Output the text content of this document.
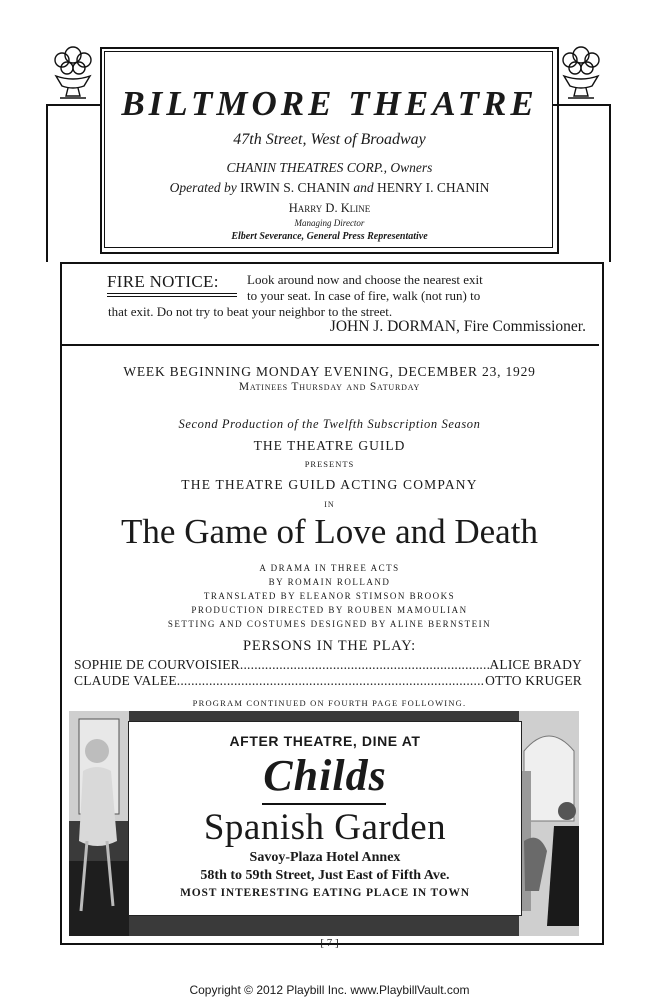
BILTMORE THEATRE
47th Street, West of Broadway
CHANIN THEATRES CORP., Owners
Operated by IRWIN S. CHANIN and HENRY I. CHANIN
Harry D. Kline
Managing Director
Elbert Severance, General Press Representative
FIRE NOTICE: Look around now and choose the nearest exit
to your seat. In case of fire, walk (not run) to
that exit. Do not try to beat your neighbor to the street.
JOHN J. DORMAN, Fire Commissioner.
WEEK BEGINNING MONDAY EVENING, DECEMBER 23, 1929
Matinees Thursday and Saturday
Second Production of the Twelfth Subscription Season
THE THEATRE GUILD
PRESENTS
THE THEATRE GUILD ACTING COMPANY
IN
The Game of Love and Death
A DRAMA IN THREE ACTS
BY ROMAIN ROLLAND
TRANSLATED BY ELEANOR STIMSON BROOKS
PRODUCTION DIRECTED BY ROUBEN MAMOULIAN
SETTING AND COSTUMES DESIGNED BY ALINE BERNSTEIN
PERSONS IN THE PLAY:
SOPHIE DE COURVOISIER .....	ALICE BRADY
CLAUDE VALEE .....	OTTO KRUGER
PROGRAM CONTINUED ON FOURTH PAGE FOLLOWING.
AFTER THEATRE, DINE AT
Childs
Spanish Garden
Savoy-Plaza Hotel Annex
58th to 59th Street, Just East of Fifth Ave.
MOST INTERESTING EATING PLACE IN TOWN
[ 7 ]
Copyright © 2012 Playbill Inc. www.PlaybillVault.com
